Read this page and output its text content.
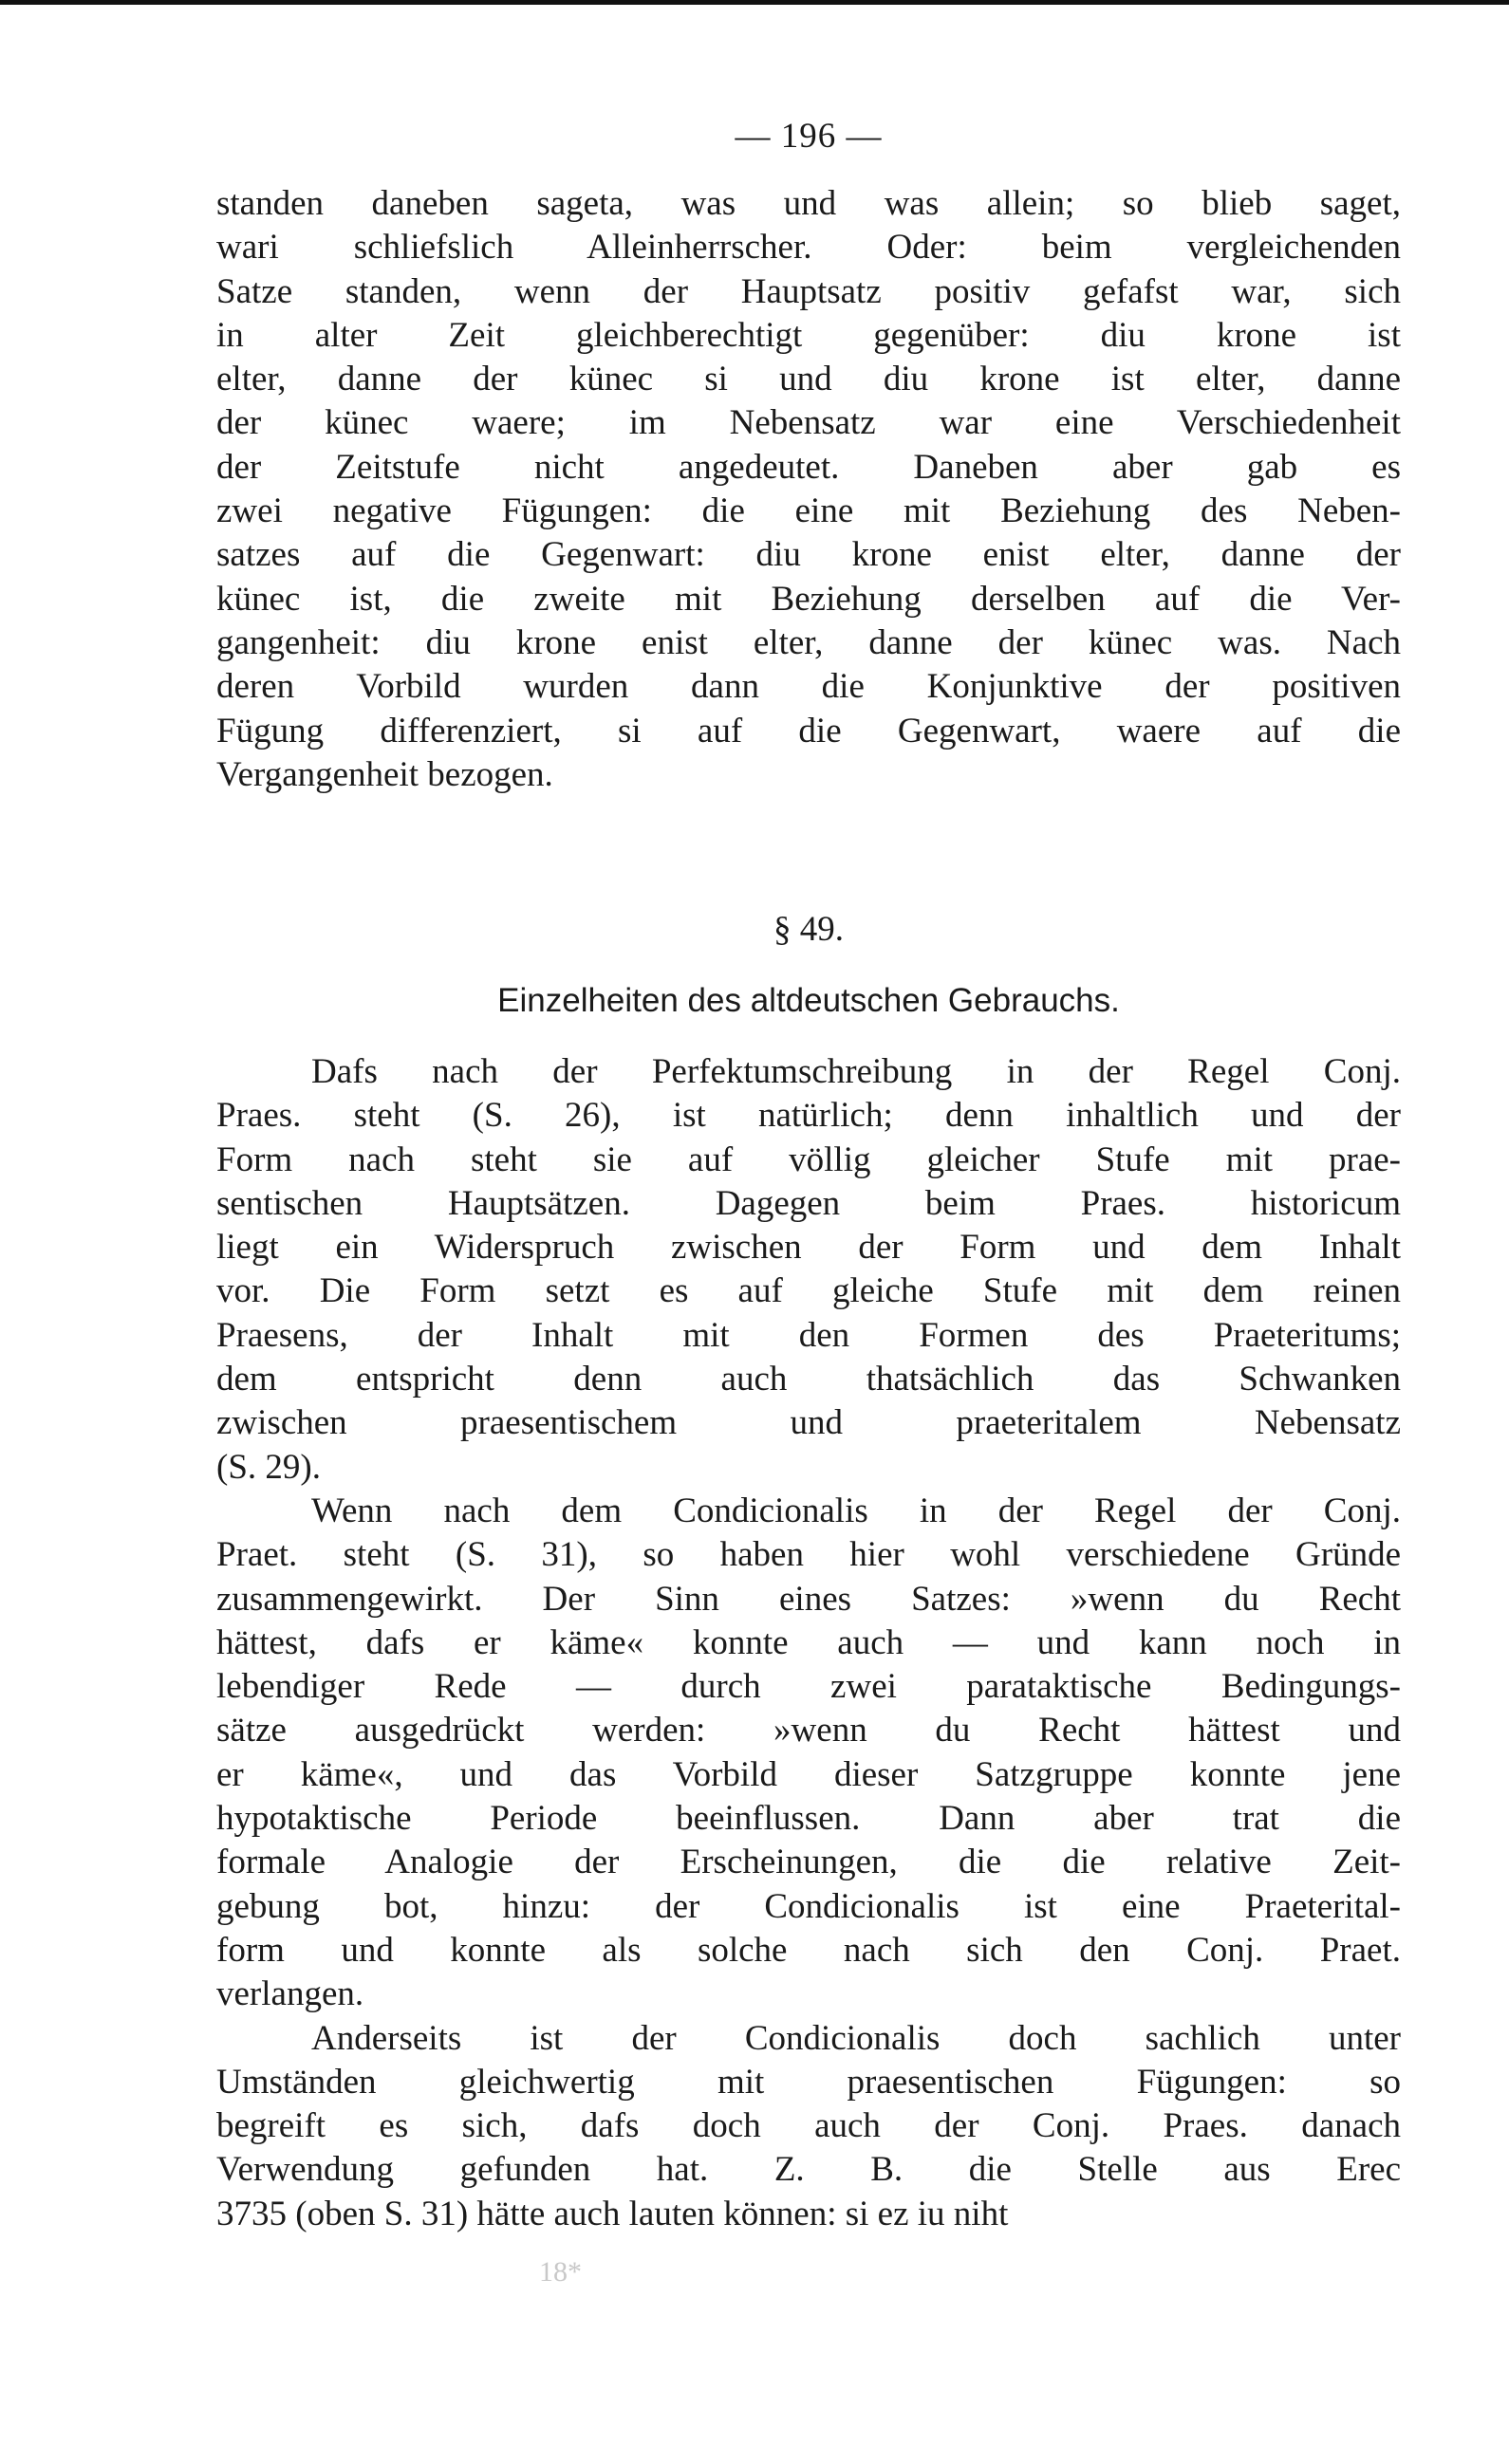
— 196 —
standen daneben sageta, was und was allein; so blieb saget,
wari schliefslich Alleinherrscher. Oder: beim vergleichenden
Satze standen, wenn der Hauptsatz positiv gefafst war, sich
in alter Zeit gleichberechtigt gegenüber: diu krone ist
elter, danne der künec si und diu krone ist elter, danne
der künec waere; im Nebensatz war eine Verschiedenheit
der Zeitstufe nicht angedeutet. Daneben aber gab es
zwei negative Fügungen: die eine mit Beziehung des Neben-
satzes auf die Gegenwart: diu krone enist elter, danne der
künec ist, die zweite mit Beziehung derselben auf die Ver-
gangenheit: diu krone enist elter, danne der künec was. Nach
deren Vorbild wurden dann die Konjunktive der positiven
Fügung differenziert, si auf die Gegenwart, waere auf die
Vergangenheit bezogen.
§ 49.
Einzelheiten des altdeutschen Gebrauchs.
Dafs nach der Perfektumschreibung in der Regel Conj.
Praes. steht (S. 26), ist natürlich; denn inhaltlich und der
Form nach steht sie auf völlig gleicher Stufe mit prae-
sentischen Hauptsätzen. Dagegen beim Praes. historicum
liegt ein Widerspruch zwischen der Form und dem Inhalt
vor. Die Form setzt es auf gleiche Stufe mit dem reinen
Praesens, der Inhalt mit den Formen des Praeteritums;
dem entspricht denn auch thatsächlich das Schwanken
zwischen praesentischem und praeteritalem Nebensatz
(S. 29).
Wenn nach dem Condicionalis in der Regel der Conj.
Praet. steht (S. 31), so haben hier wohl verschiedene Gründe
zusammengewirkt. Der Sinn eines Satzes: »wenn du Recht
hättest, dafs er käme« konnte auch — und kann noch in
lebendiger Rede — durch zwei parataktische Bedingungs-
sätze ausgedrückt werden: »wenn du Recht hättest und
er käme«, und das Vorbild dieser Satzgruppe konnte jene
hypotaktische Periode beeinflussen. Dann aber trat die
formale Analogie der Erscheinungen, die die relative Zeit-
gebung bot, hinzu: der Condicionalis ist eine Praeterital-
form und konnte als solche nach sich den Conj. Praet.
verlangen.
Anderseits ist der Condicionalis doch sachlich unter
Umständen gleichwertig mit praesentischen Fügungen: so
begreift es sich, dafs doch auch der Conj. Praes. danach
Verwendung gefunden hat. Z. B. die Stelle aus Erec
3735 (oben S. 31) hätte auch lauten können: si ez iu niht
18*
